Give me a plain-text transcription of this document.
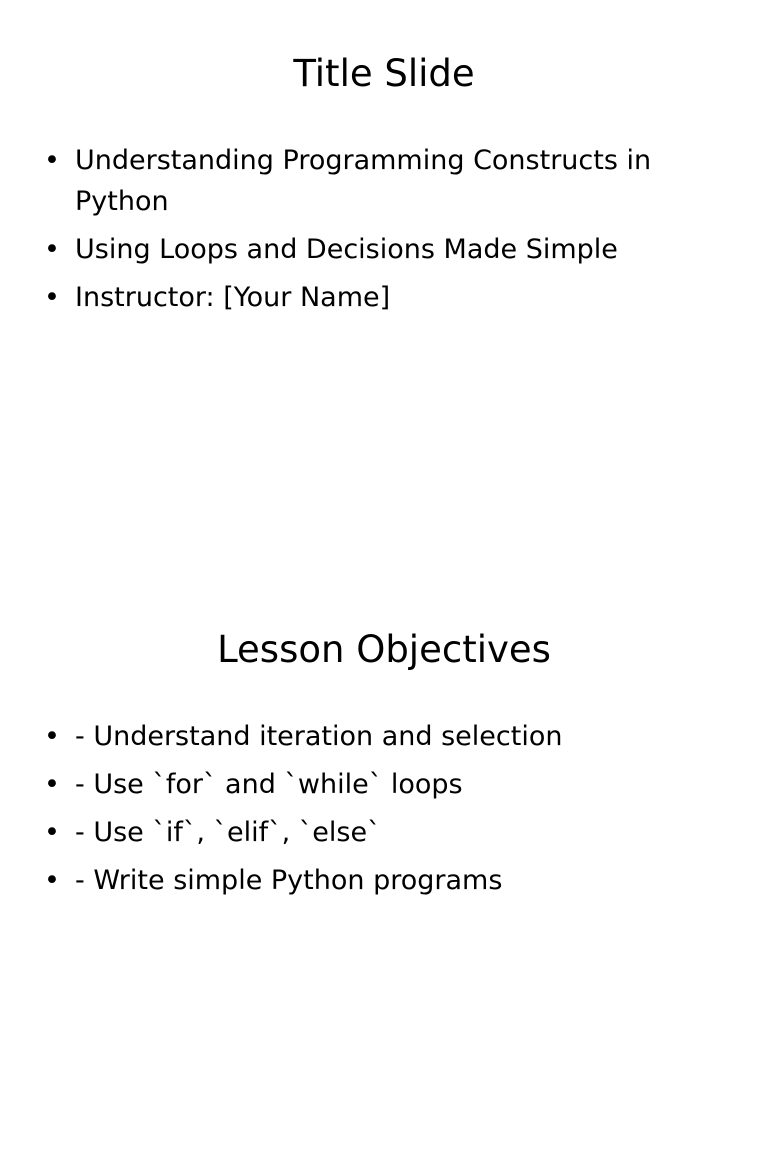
Title Slide
• Understanding Programming Constructs in Python
• Using Loops and Decisions Made Simple
• Instructor: [Your Name]
Lesson Objectives
• - Understand iteration and selection
• - Use `for` and `while` loops
• - Use `if`, `elif`, `else`
• - Write simple Python programs
